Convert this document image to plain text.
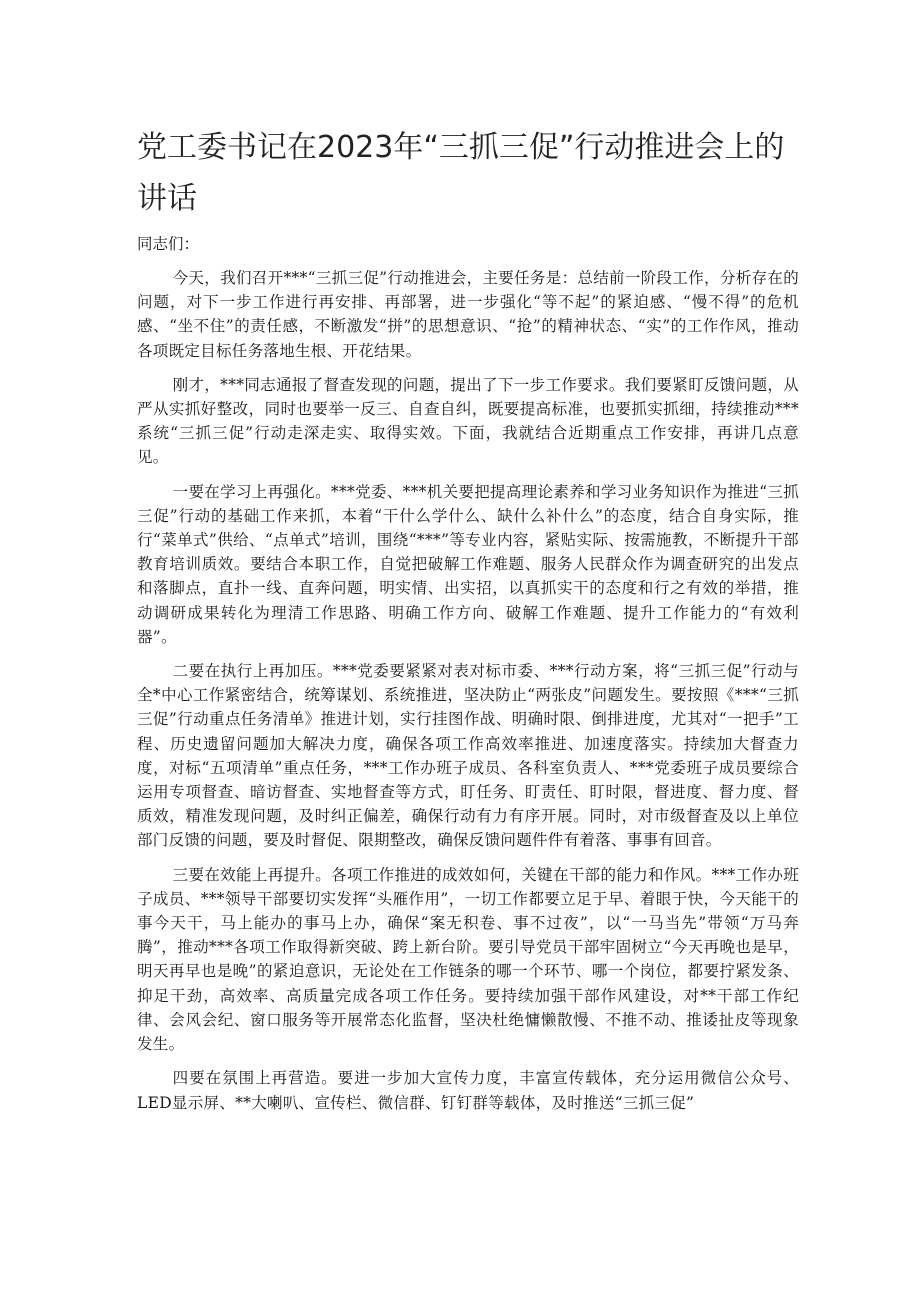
党工委书记在2023年“三抓三促”行动推进会上的讲话

同志们：

今天，我们召开***“三抓三促”行动推进会，主要任务是：总结前一阶段工作，分析存在的问题，对下一步工作进行再安排、再部署，进一步强化“等不起”的紧迫感、“慢不得”的危机感、“坐不住”的责任感，不断激发“拼”的思想意识、“抢”的精神状态、“实”的工作作风，推动各项既定目标任务落地生根、开花结果。

刚才，***同志通报了督查发现的问题，提出了下一步工作要求。我们要紧盯反馈问题，从严从实抓好整改，同时也要举一反三、自查自纠，既要提高标准，也要抓实抓细，持续推动***系统“三抓三促”行动走深走实、取得实效。下面，我就结合近期重点工作安排，再讲几点意见。

一要在学习上再强化。***党委、***机关要把提高理论素养和学习业务知识作为推进“三抓三促”行动的基础工作来抓，本着“干什么学什么、缺什么补什么”的态度，结合自身实际，推行“菜单式”供给、“点单式”培训，围绕“***”等专业内容，紧贴实际、按需施教，不断提升干部教育培训质效。要结合本职工作，自觉把破解工作难题、服务人民群众作为调查研究的出发点和落脚点，直扑一线、直奔问题，明实情、出实招，以真抓实干的态度和行之有效的举措，推动调研成果转化为理清工作思路、明确工作方向、破解工作难题、提升工作能力的“有效利器”。

二要在执行上再加压。***党委要紧紧对表对标市委、***行动方案，将“三抓三促”行动与全*中心工作紧密结合，统筹谋划、系统推进，坚决防止“两张皮”问题发生。要按照《***“三抓三促”行动重点任务清单》推进计划，实行挂图作战、明确时限、倒排进度，尤其对“一把手”工程、历史遗留问题加大解决力度，确保各项工作高效率推进、加速度落实。持续加大督查力度，对标“五项清单”重点任务，***工作办班子成员、各科室负责人、***党委班子成员要综合运用专项督查、暗访督查、实地督查等方式，盯任务、盯责任、盯时限，督进度、督力度、督质效，精准发现问题，及时纠正偏差，确保行动有力有序开展。同时，对市级督查及以上单位部门反馈的问题，要及时督促、限期整改，确保反馈问题件件有着落、事事有回音。

三要在效能上再提升。各项工作推进的成效如何，关键在干部的能力和作风。***工作办班子成员、***领导干部要切实发挥“头雁作用”，一切工作都要立足于早、着眼于快，今天能干的事今天干，马上能办的事马上办，确保“案无积卷、事不过夜”，以“一马当先”带领“万马奔腾”，推动***各项工作取得新突破、跨上新台阶。要引导党员干部牢固树立“今天再晚也是早，明天再早也是晚”的紧迫意识，无论处在工作链条的哪一个环节、哪一个岗位，都要拧紧发条、抑足干劲，高效率、高质量完成各项工作任务。要持续加强干部作风建设，对**干部工作纪律、会风会纪、窗口服务等开展常态化监督，坚决杜绝慵懒散慢、不推不动、推诿扯皮等现象发生。

四要在氛围上再营造。要进一步加大宣传力度，丰富宣传载体，充分运用微信公众号、LED显示屏、**大喇叭、宣传栏、微信群、钉钉群等载体，及时推送“三抓三促”
